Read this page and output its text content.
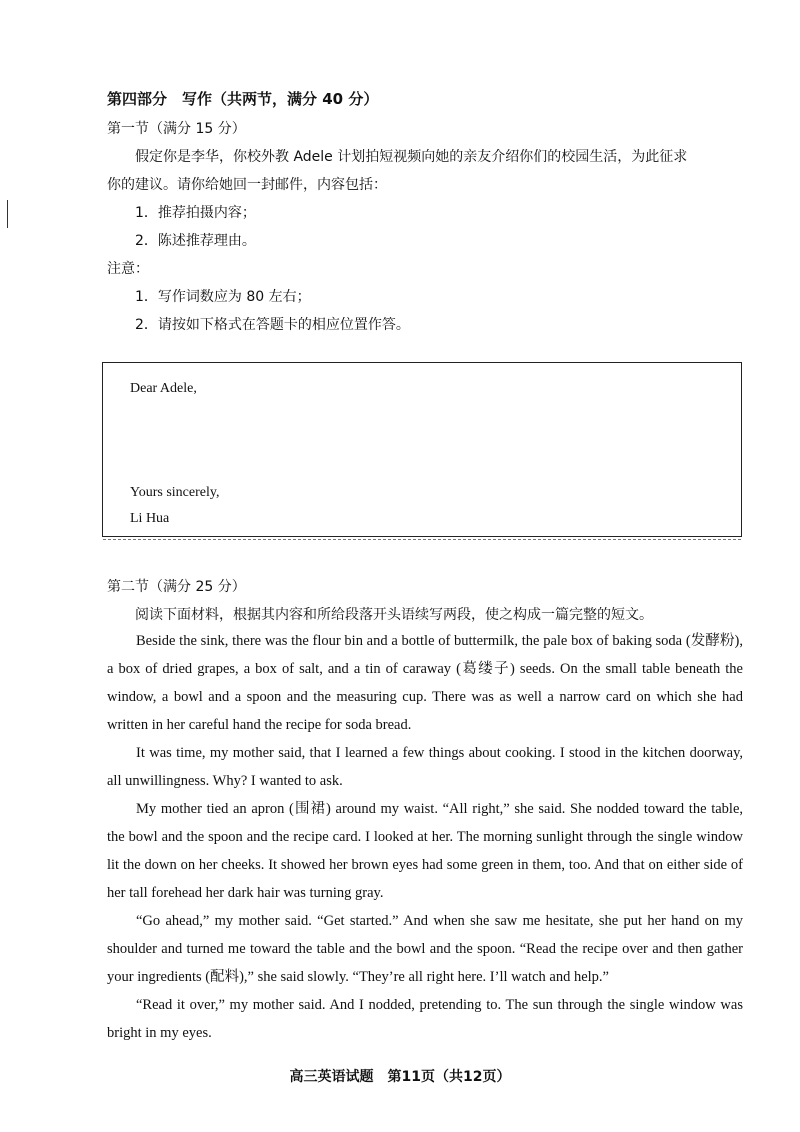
第四部分　写作（共两节，满分 40 分）
第一节（满分 15 分）
假定你是李华，你校外教 Adele 计划拍短视频向她的亲友介绍你们的校园生活，为此征求
你的建议。请你给她回一封邮件，内容包括：
1．推荐拍摄内容；
2．陈述推荐理由。
注意：
1．写作词数应为 80 左右；
2．请按如下格式在答题卡的相应位置作答。
Dear Adele,
Yours sincerely,
Li Hua
第二节（满分 25 分）
阅读下面材料，根据其内容和所给段落开头语续写两段，使之构成一篇完整的短文。
Beside the sink, there was the flour bin and a bottle of buttermilk, the pale box of baking soda (发酵粉), a box of dried grapes, a box of salt, and a tin of caraway (葛缕子) seeds. On the small table beneath the window, a bowl and a spoon and the measuring cup. There was as well a narrow card on which she had written in her careful hand the recipe for soda bread.
It was time, my mother said, that I learned a few things about cooking. I stood in the kitchen doorway, all unwillingness. Why? I wanted to ask.
My mother tied an apron (围裙) around my waist. “All right,” she said. She nodded toward the table, the bowl and the spoon and the recipe card. I looked at her. The morning sunlight through the single window lit the down on her cheeks. It showed her brown eyes had some green in them, too. And that on either side of her tall forehead her dark hair was turning gray.
“Go ahead,” my mother said. “Get started.” And when she saw me hesitate, she put her hand on my shoulder and turned me toward the table and the bowl and the spoon. “Read the recipe over and then gather your ingredients (配料),” she said slowly. “They’re all right here. I’ll watch and help.”
“Read it over,” my mother said. And I nodded, pretending to. The sun through the single window was bright in my eyes.
高三英语试题　第11页（共12页）
